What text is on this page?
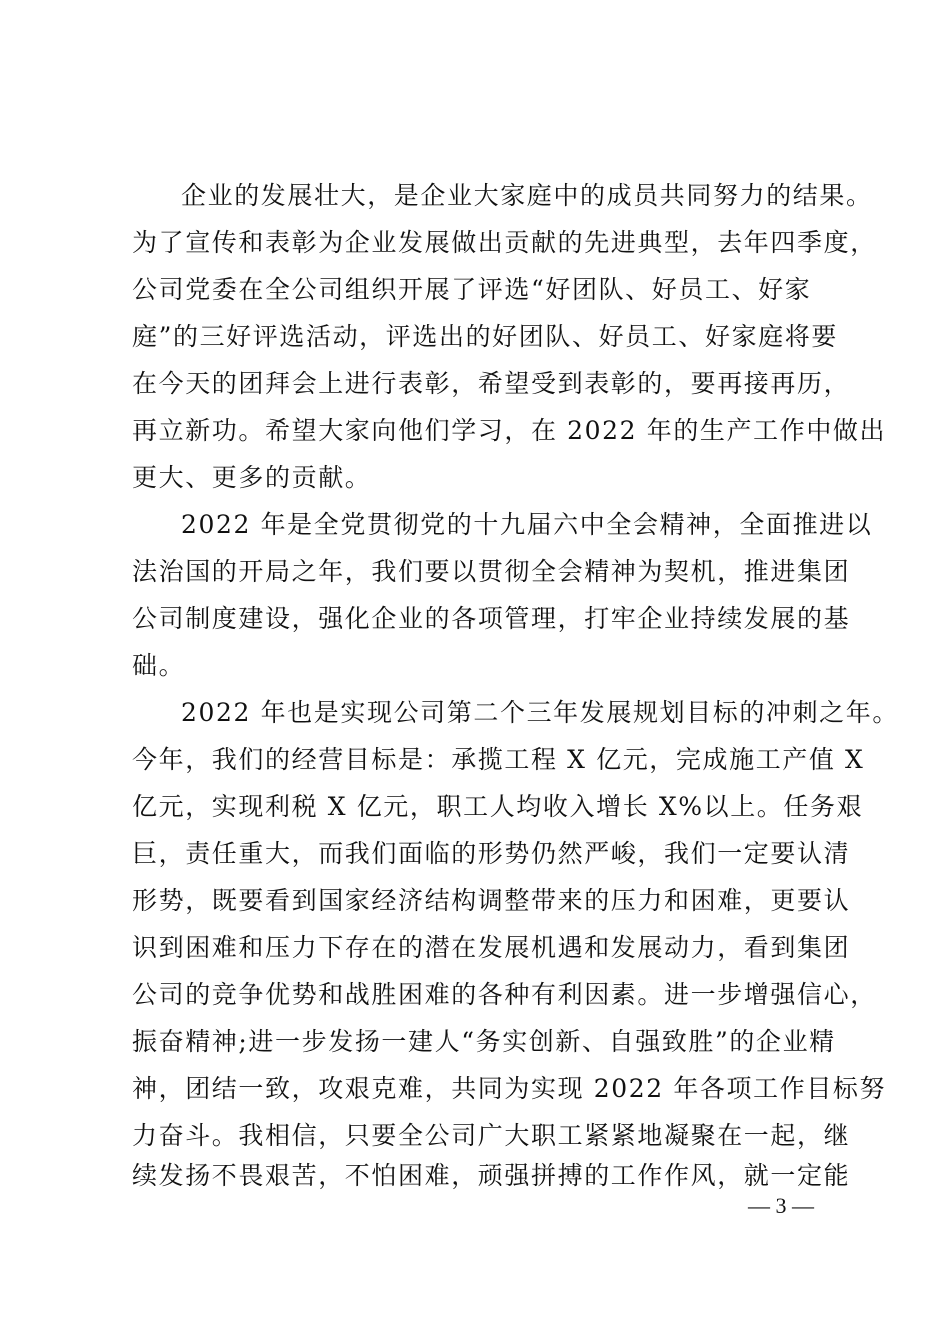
企业的发展壮大，是企业大家庭中的成员共同努力的结果。
为了宣传和表彰为企业发展做出贡献的先进典型，去年四季度，
公司党委在全公司组织开展了评选“好团队、好员工、好家
庭”的三好评选活动，评选出的好团队、好员工、好家庭将要
在今天的团拜会上进行表彰，希望受到表彰的，要再接再历，
再立新功。希望大家向他们学习，在 2022 年的生产工作中做出
更大、更多的贡献。
2022 年是全党贯彻党的十九届六中全会精神，全面推进以
法治国的开局之年，我们要以贯彻全会精神为契机，推进集团
公司制度建设，强化企业的各项管理，打牢企业持续发展的基
础。
2022 年也是实现公司第二个三年发展规划目标的冲刺之年。
今年，我们的经营目标是：承揽工程 X 亿元，完成施工产值 X
亿元，实现利税 X 亿元，职工人均收入增长 X%以上。任务艰
巨，责任重大，而我们面临的形势仍然严峻，我们一定要认清
形势，既要看到国家经济结构调整带来的压力和困难，更要认
识到困难和压力下存在的潜在发展机遇和发展动力，看到集团
公司的竞争优势和战胜困难的各种有利因素。进一步增强信心，
振奋精神;进一步发扬一建人“务实创新、自强致胜”的企业精
神，团结一致，攻艰克难，共同为实现 2022 年各项工作目标努
力奋斗。我相信，只要全公司广大职工紧紧地凝聚在一起，继
续发扬不畏艰苦，不怕困难，顽强拼搏的工作作风，就一定能
— 3 —
